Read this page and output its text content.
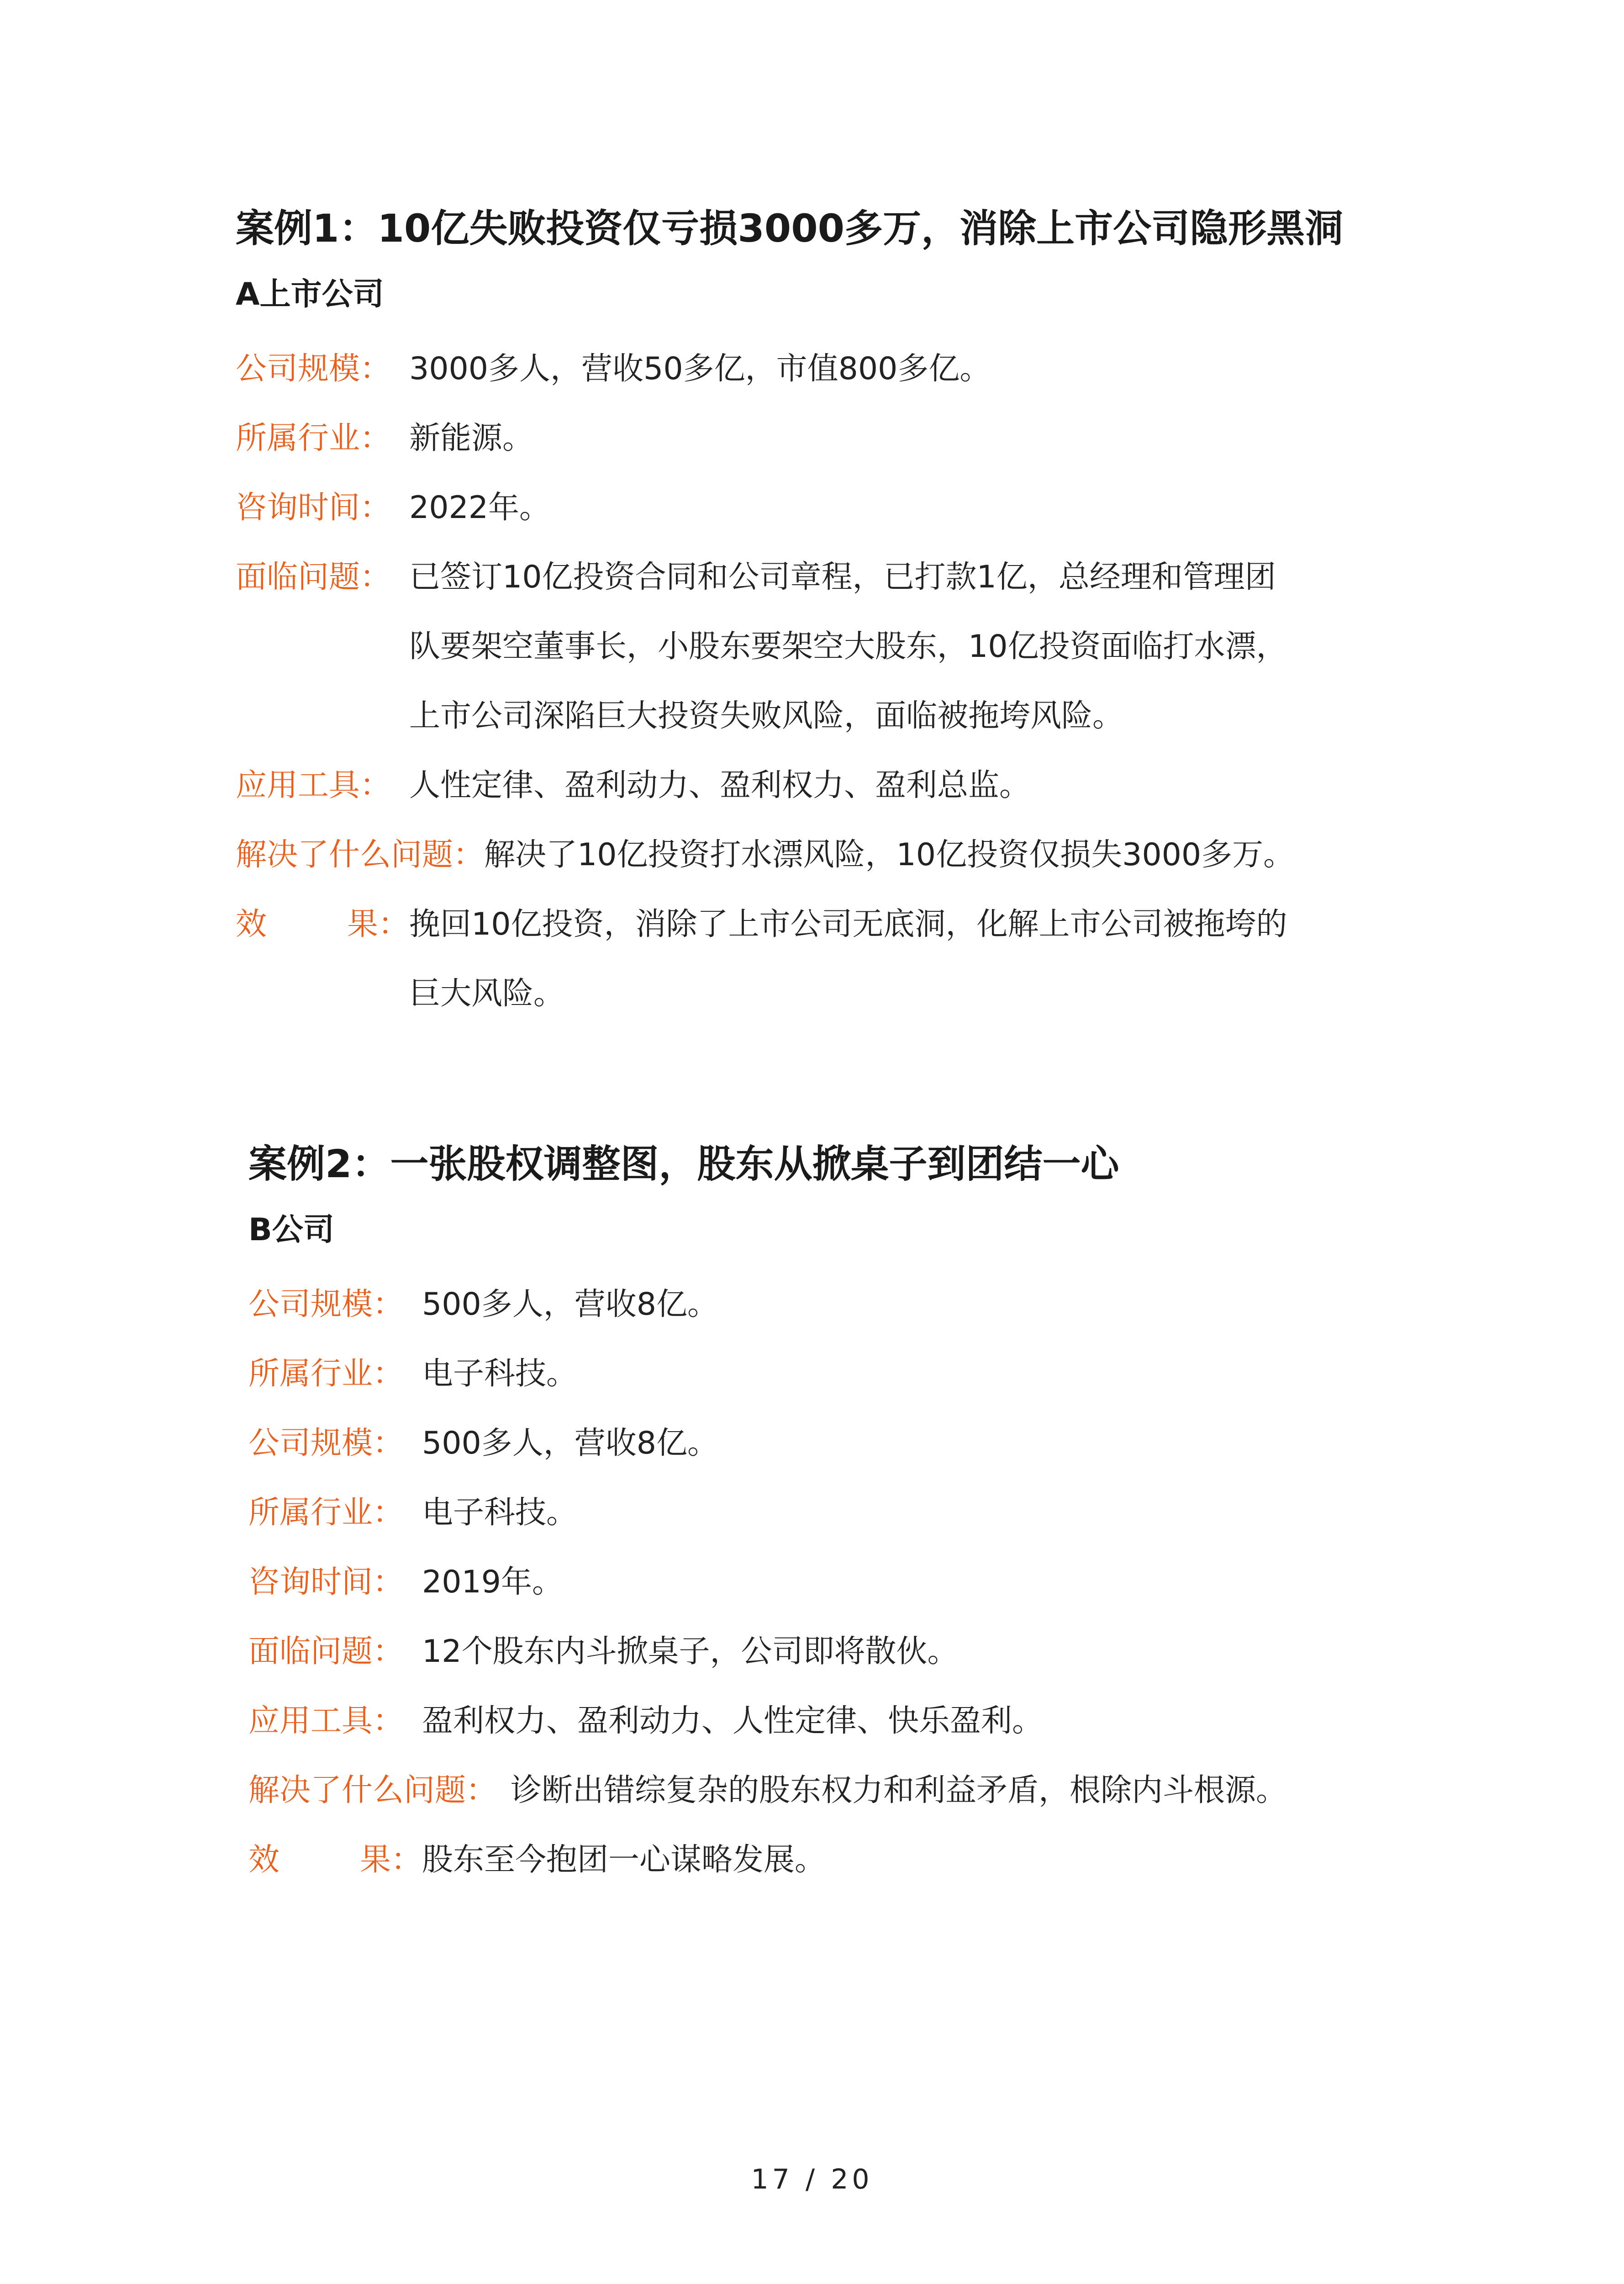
案例1：10亿失败投资仅亏损3000多万，消除上市公司隐形黑洞
A上市公司
公司规模： 3000多人，营收50多亿，市值800多亿。
所属行业： 新能源。
咨询时间： 2022年。
面临问题： 已签订10亿投资合同和公司章程，已打款1亿，总经理和管理团
队要架空董事长，小股东要架空大股东，10亿投资面临打水漂，
上市公司深陷巨大投资失败风险，面临被拖垮风险。
应用工具： 人性定律、盈利动力、盈利权力、盈利总监。
解决了什么问题： 解决了10亿投资打水漂风险，10亿投资仅损失3000多万。
效	果： 挽回10亿投资，消除了上市公司无底洞，化解上市公司被拖垮的
巨大风险。
案例2：一张股权调整图，股东从掀桌子到团结一心
B公司
公司规模： 500多人，营收8亿。
所属行业： 电子科技。
公司规模： 500多人，营收8亿。
所属行业： 电子科技。
咨询时间： 2019年。
面临问题： 12个股东内斗掀桌子，公司即将散伙。
应用工具： 盈利权力、盈利动力、人性定律、快乐盈利。
解决了什么问题： 诊断出错综复杂的股东权力和利益矛盾，根除内斗根源。
效	果： 股东至今抱团一心谋略发展。
17 / 20
